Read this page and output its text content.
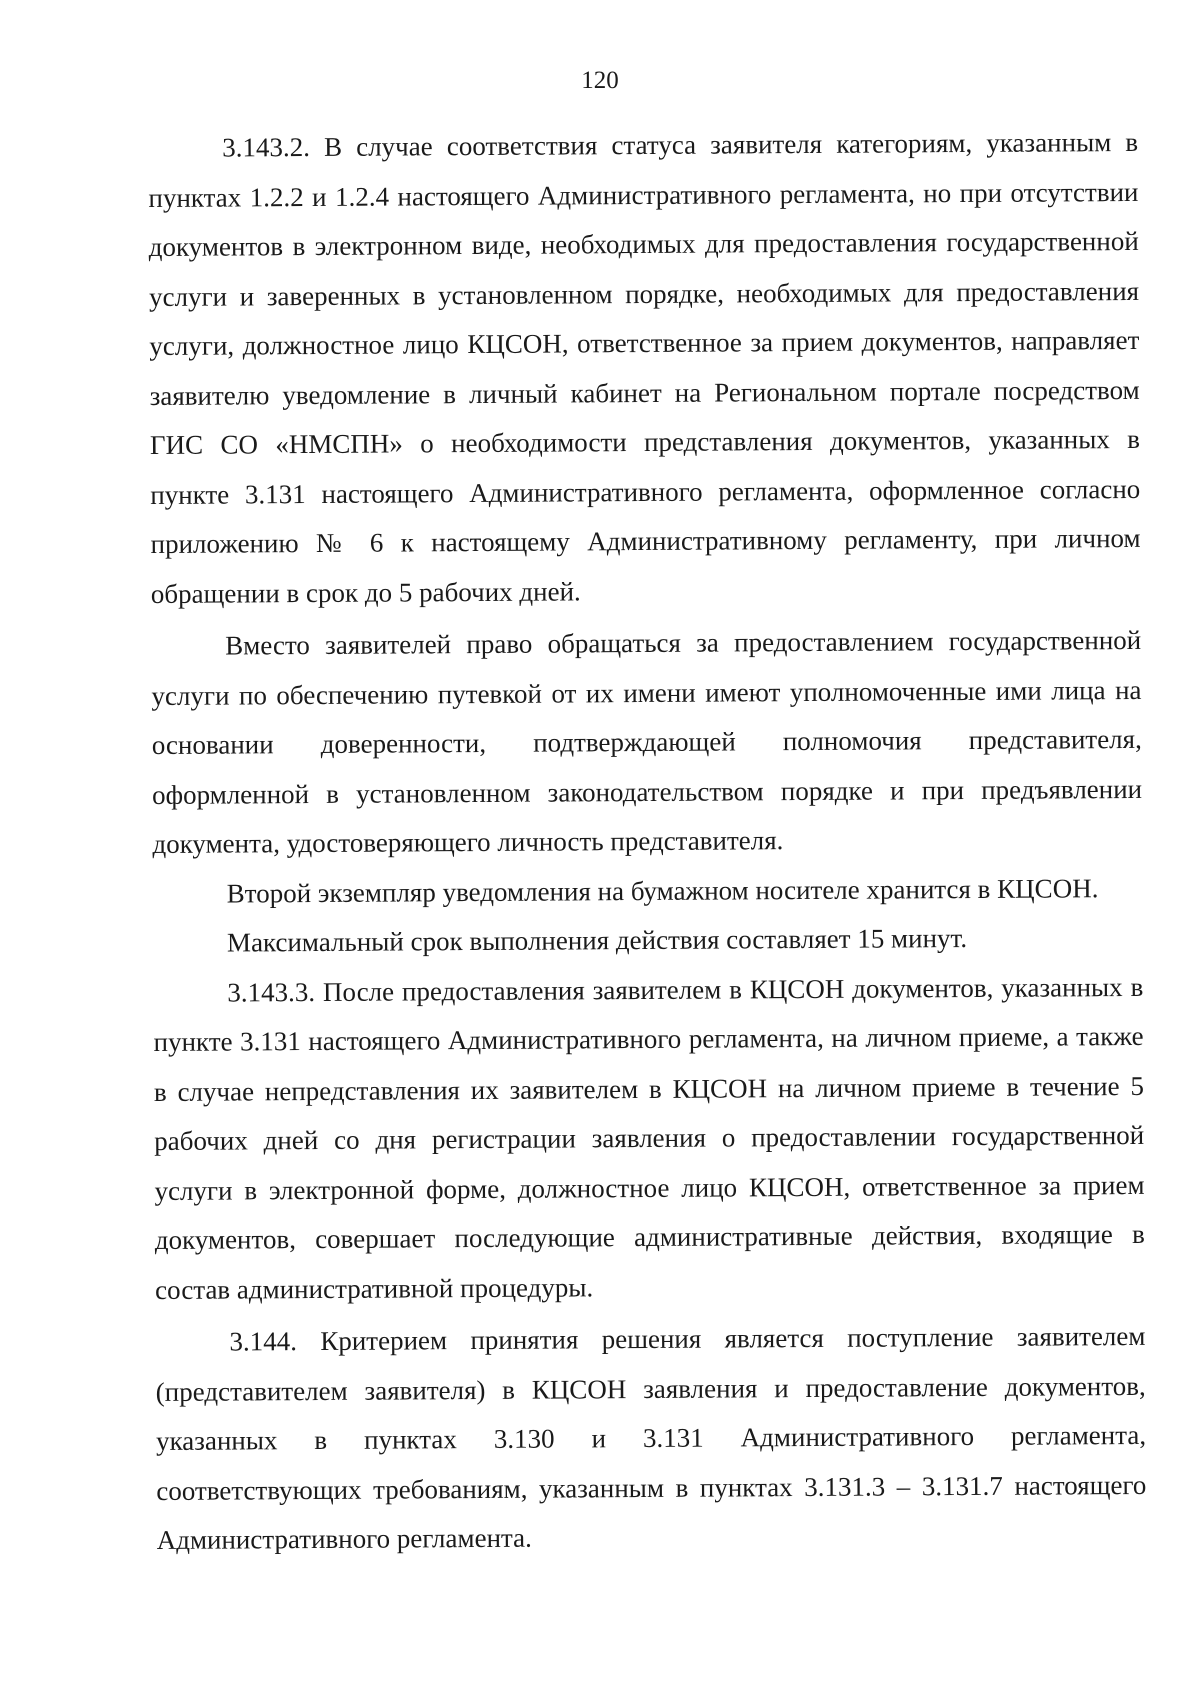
120

3.143.2. В случае соответствия статуса заявителя категориям, указанным в пунктах 1.2.2 и 1.2.4 настоящего Административного регламента, но при отсутствии документов в электронном виде, необходимых для предоставления государственной услуги и заверенных в установленном порядке, необходимых для предоставления услуги, должностное лицо КЦСОН, ответственное за прием документов, направляет заявителю уведомление в личный кабинет на Региональном портале посредством ГИС СО «НМСПН» о необходимости представления документов, указанных в пункте 3.131 настоящего Административного регламента, оформленное согласно приложению № 6 к настоящему Административному регламенту, при личном обращении в срок до 5 рабочих дней.

Вместо заявителей право обращаться за предоставлением государственной услуги по обеспечению путевкой от их имени имеют уполномоченные ими лица на основании доверенности, подтверждающей полномочия представителя, оформленной в установленном законодательством порядке и при предъявлении документа, удостоверяющего личность представителя.

Второй экземпляр уведомления на бумажном носителе хранится в КЦСОН.

Максимальный срок выполнения действия составляет 15 минут.

3.143.3. После предоставления заявителем в КЦСОН документов, указанных в пункте 3.131 настоящего Административного регламента, на личном приеме, а также в случае непредставления их заявителем в КЦСОН на личном приеме в течение 5 рабочих дней со дня регистрации заявления о предоставлении государственной услуги в электронной форме, должностное лицо КЦСОН, ответственное за прием документов, совершает последующие административные действия, входящие в состав административной процедуры.

3.144. Критерием принятия решения является поступление заявителем (представителем заявителя) в КЦСОН заявления и предоставление документов, указанных в пунктах 3.130 и 3.131 Административного регламента, соответствующих требованиям, указанным в пунктах 3.131.3 – 3.131.7 настоящего Административного регламента.
